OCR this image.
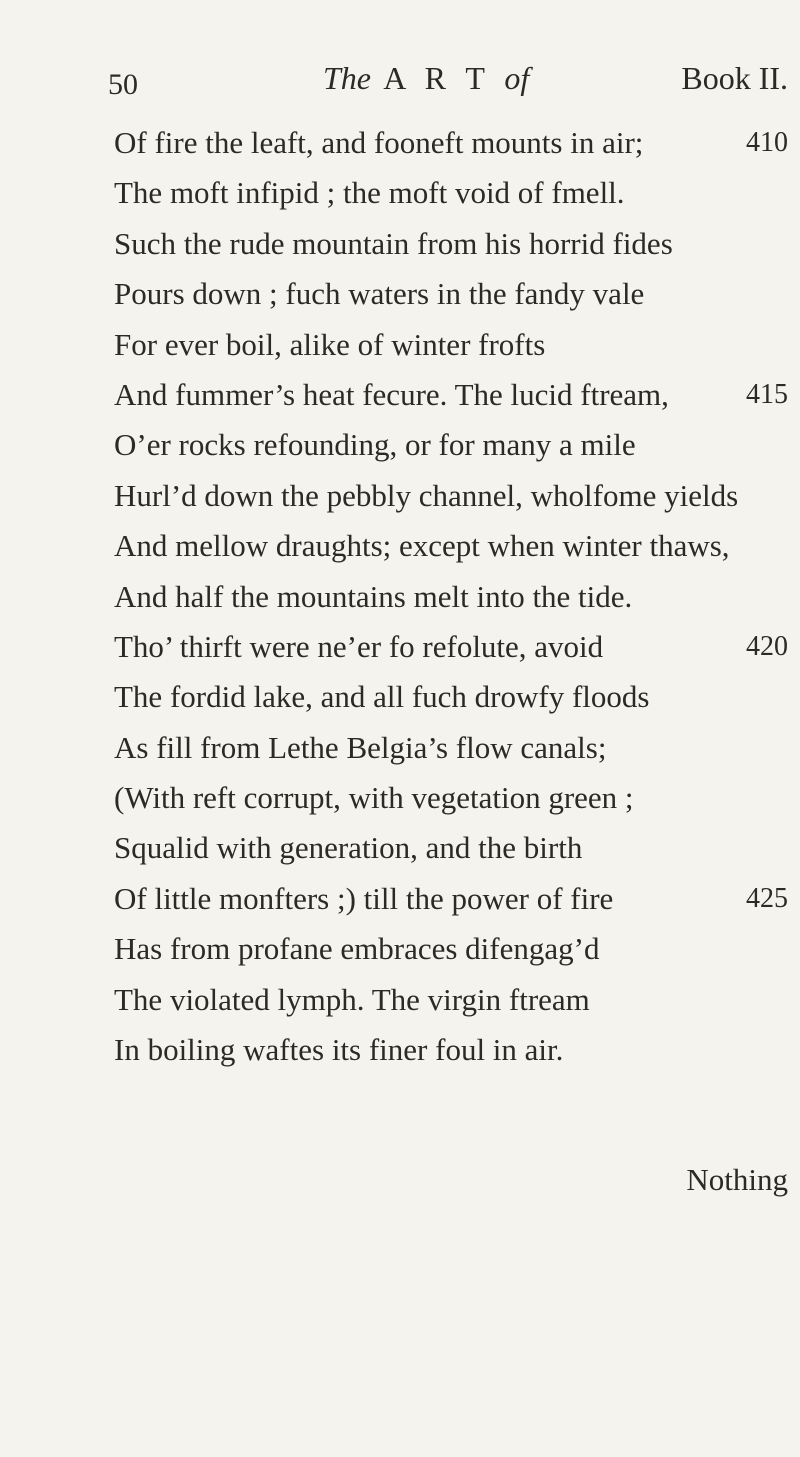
50	The A R T of	Book II.
Of fire the leaft, and fooneft mounts in air;	410
The moft infipid ; the moft void of fmell.
Such the rude mountain from his horrid fides
Pours down ; fuch waters in the fandy vale
For ever boil, alike of winter frofts
And fummer’s heat fecure. The lucid ftream,	415
O’er rocks refounding, or for many a mile
Hurl’d down the pebbly channel, wholfome yields
And mellow draughts; except when winter thaws,
And half the mountains melt into the tide.
Tho’ thirft were ne’er fo refolute, avoid	420
The fordid lake, and all fuch drowfy floods
As fill from Lethe Belgia’s flow canals;
(With reft corrupt, with vegetation green ;
Squalid with generation, and the birth
Of little monfters ;) till the power of fire	425
Has from profane embraces difengag’d
The violated lymph. The virgin ftream
In boiling waftes its finer foul in air.
Nothing
